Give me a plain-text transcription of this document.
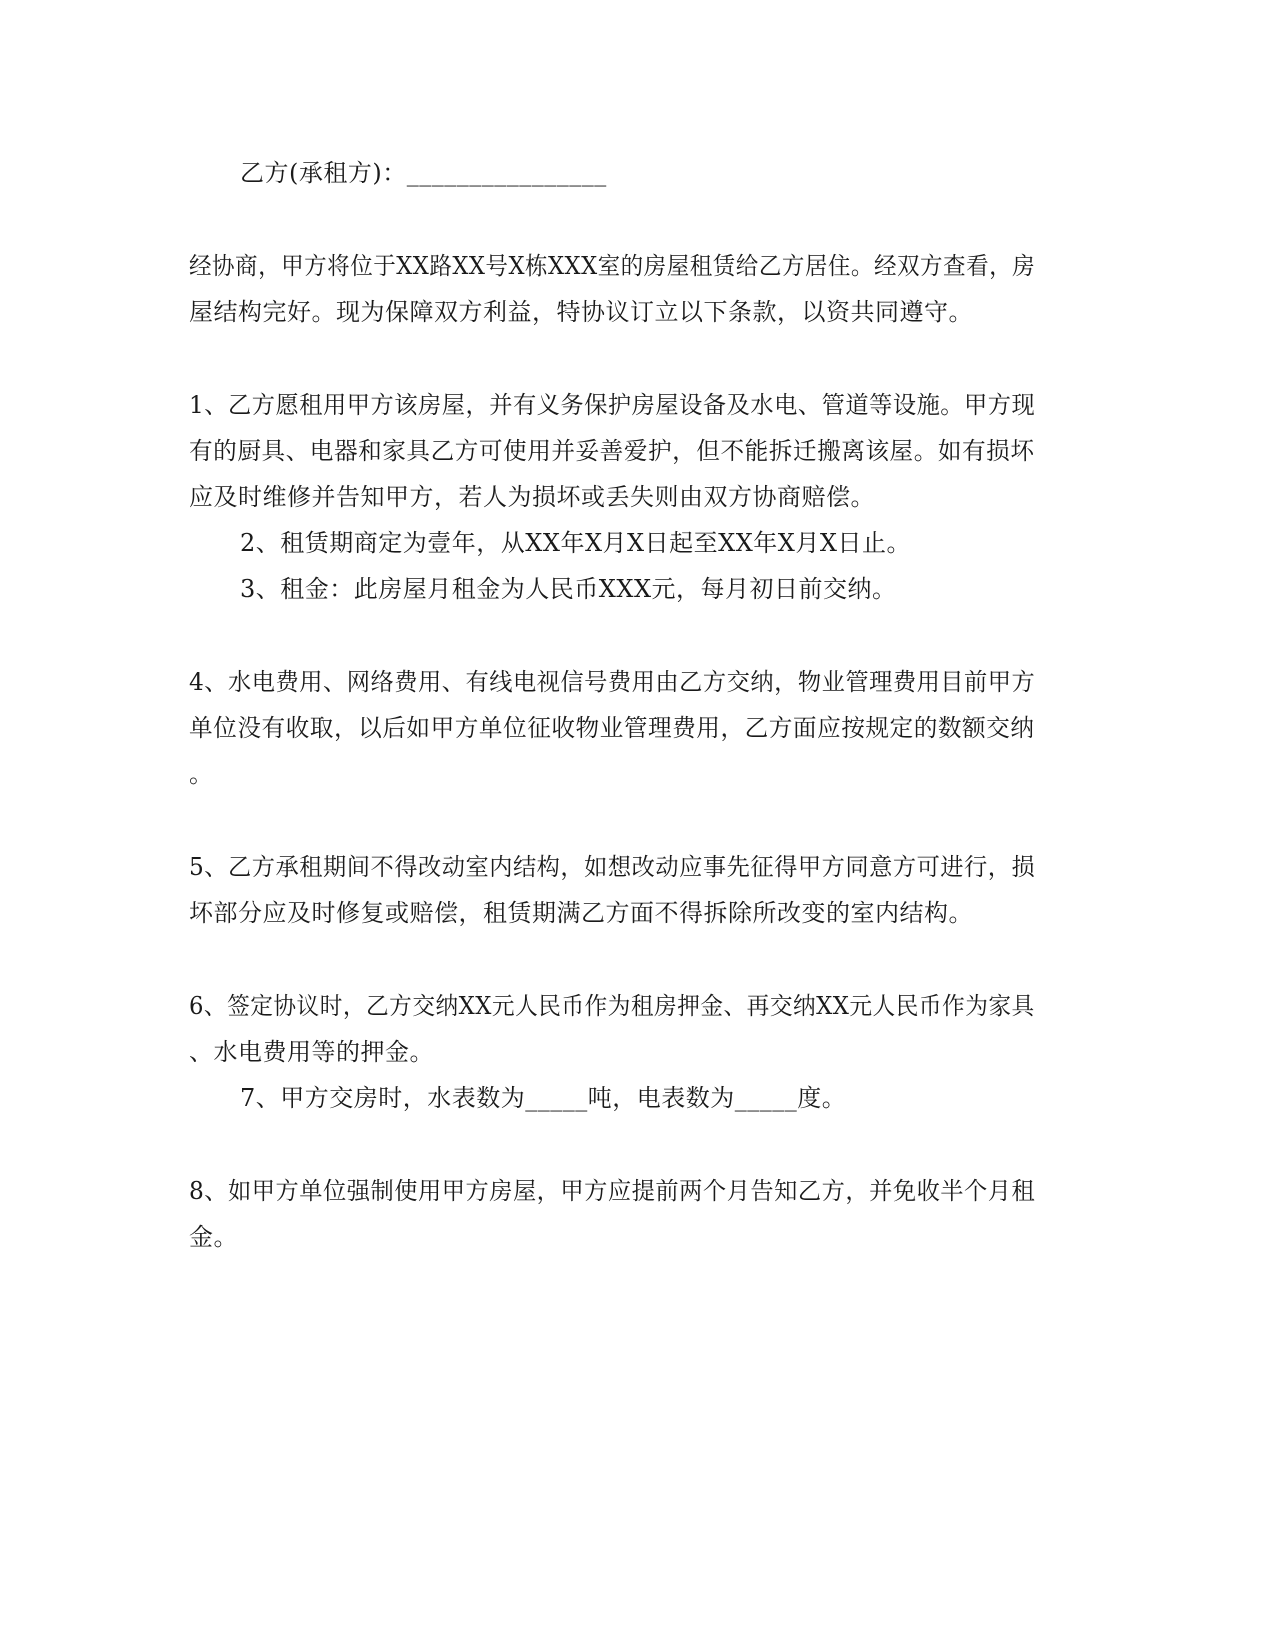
乙方(承租方)：________________
经协商，甲方将位于XX路XX号X栋XXX室的房屋租赁给乙方居住。经双方查看，房
屋结构完好。现为保障双方利益，特协议订立以下条款，以资共同遵守。
1、乙方愿租用甲方该房屋，并有义务保护房屋设备及水电、管道等设施。甲方现
有的厨具、电器和家具乙方可使用并妥善爱护，但不能拆迁搬离该屋。如有损坏
应及时维修并告知甲方，若人为损坏或丢失则由双方协商赔偿。
2、租赁期商定为壹年，从XX年X月X日起至XX年X月X日止。
3、租金：此房屋月租金为人民币XXX元，每月初日前交纳。
4、水电费用、网络费用、有线电视信号费用由乙方交纳，物业管理费用目前甲方
单位没有收取，以后如甲方单位征收物业管理费用，乙方面应按规定的数额交纳
。
5、乙方承租期间不得改动室内结构，如想改动应事先征得甲方同意方可进行，损
坏部分应及时修复或赔偿，租赁期满乙方面不得拆除所改变的室内结构。
6、签定协议时，乙方交纳XX元人民币作为租房押金、再交纳XX元人民币作为家具
、水电费用等的押金。
7、甲方交房时，水表数为_____吨，电表数为_____度。
8、如甲方单位强制使用甲方房屋，甲方应提前两个月告知乙方，并免收半个月租
金。
